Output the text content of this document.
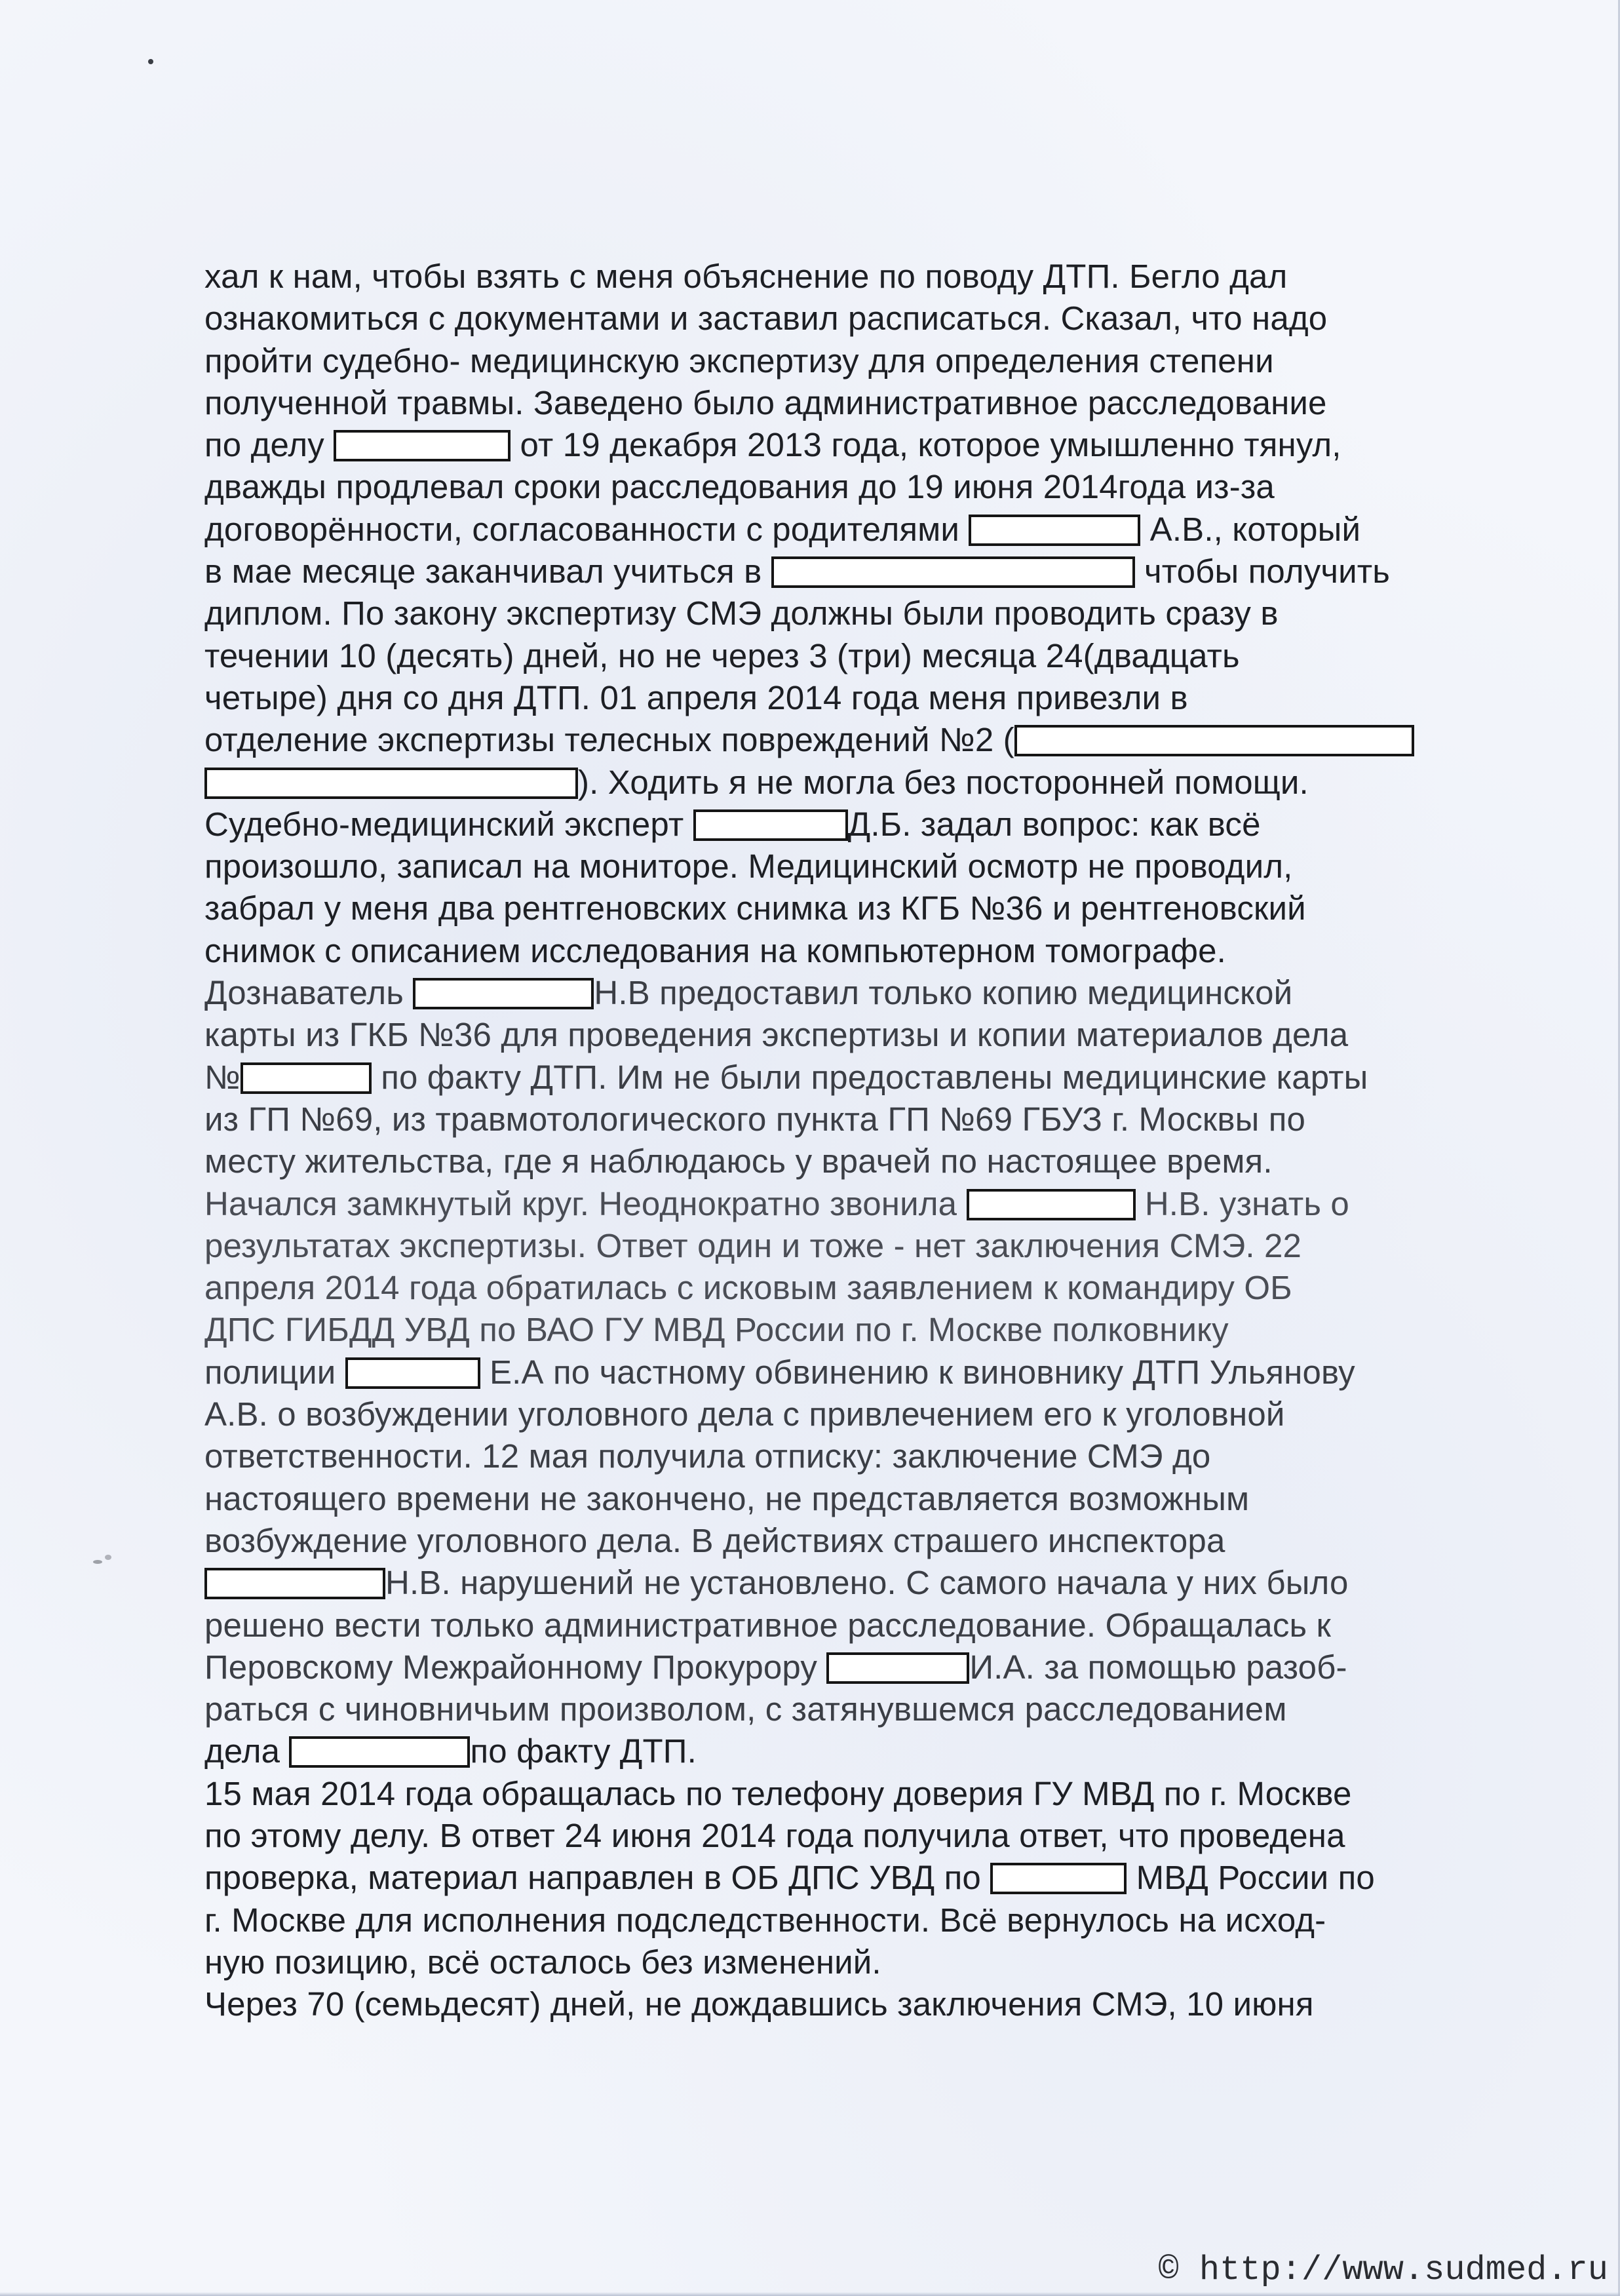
хал к нам, чтобы взять с меня объяснение по поводу ДТП. Бегло дал
ознакомиться с документами и заставил расписаться. Сказал, что надо
пройти судебно- медицинскую экспертизу для определения степени
полученной травмы. Заведено было административное расследование
по делу	от 19 декабря 2013 года, которое умышленно тянул,
дважды продлевал сроки расследования до 19 июня 2014года из-за
договорённости, согласованности с родителями	А.В., который
в мае месяце заканчивал учиться в	чтобы получить
диплом. По закону экспертизу СМЭ должны были проводить сразу в
течении 10 (десять) дней, но не через 3 (три) месяца 24(двадцать
четыре) дня со дня ДТП. 01 апреля 2014 года меня привезли в
отделение экспертизы телесных повреждений №2 (
). Ходить я не могла без посторонней помощи.
Судебно-медицинский эксперт	Д.Б. задал вопрос: как всё
произошло, записал на мониторе. Медицинский осмотр не проводил,
забрал у меня два рентгеновских снимка из КГБ №36 и рентгеновский
снимок с описанием исследования на компьютерном томографе.
Дознаватель	Н.В предоставил только копию медицинской
карты из ГКБ №36 для проведения экспертизы и копии материалов дела
№	по факту ДТП. Им не были предоставлены медицинские карты
из ГП №69, из травмотологического пункта ГП №69 ГБУЗ г. Москвы по
месту жительства, где я наблюдаюсь у врачей по настоящее время.
Начался замкнутый круг. Неоднократно звонила	Н.В. узнать о
результатах экспертизы. Ответ один и тоже - нет заключения СМЭ. 22
апреля 2014 года обратилась с исковым заявлением к командиру ОБ
ДПС ГИБДД УВД по ВАО ГУ МВД России по г. Москве полковнику
полиции	Е.А по частному обвинению к виновнику ДТП Ульянову
А.В. о возбуждении уголовного дела с привлечением его к уголовной
ответственности. 12 мая получила отписку: заключение СМЭ до
настоящего времени не закончено, не представляется возможным
возбуждение уголовного дела. В действиях страшего инспектора
Н.В. нарушений не установлено. С самого начала у них было
решено вести только административное расследование. Обращалась к
Перовскому Межрайонному Прокурору	И.А. за помощью разоб-
раться с чиновничьим произволом, с затянувшемся расследованием
дела	по факту ДТП.
15 мая 2014 года обращалась по телефону доверия ГУ МВД по г. Москве
по этому делу. В ответ 24 июня 2014 года получила ответ, что проведена
проверка, материал направлен в ОБ ДПС УВД по	МВД России по
г. Москве для исполнения подследственности. Всё вернулось на исход-
ную позицию, всё осталось без изменений.
Через 70 (семьдесят) дней, не дождавшись заключения СМЭ, 10 июня
© http://www.sudmed.ru
